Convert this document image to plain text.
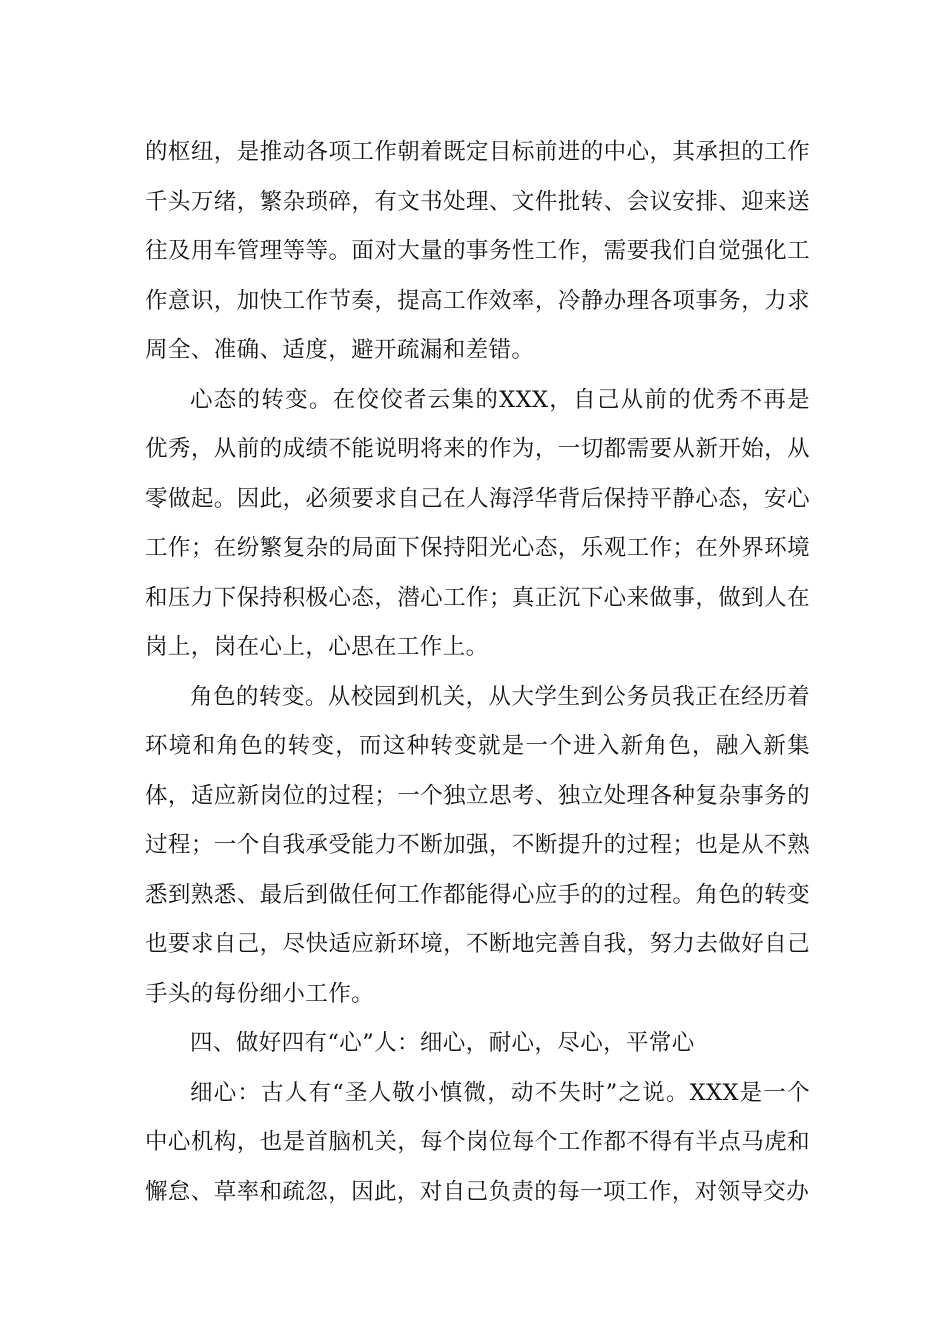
的枢纽，是推动各项工作朝着既定目标前进的中心，其承担的工作千头万绪，繁杂琐碎，有文书处理、文件批转、会议安排、迎来送往及用车管理等等。面对大量的事务性工作，需要我们自觉强化工作意识，加快工作节奏，提高工作效率，冷静办理各项事务，力求周全、准确、适度，避开疏漏和差错。

心态的转变。在佼佼者云集的XXX，自己从前的优秀不再是优秀，从前的成绩不能说明将来的作为，一切都需要从新开始，从零做起。因此，必须要求自己在人海浮华背后保持平静心态，安心工作；在纷繁复杂的局面下保持阳光心态，乐观工作；在外界环境和压力下保持积极心态，潜心工作；真正沉下心来做事，做到人在岗上，岗在心上，心思在工作上。

角色的转变。从校园到机关，从大学生到公务员我正在经历着环境和角色的转变，而这种转变就是一个进入新角色，融入新集体，适应新岗位的过程；一个独立思考、独立处理各种复杂事务的过程；一个自我承受能力不断加强，不断提升的过程；也是从不熟悉到熟悉、最后到做任何工作都能得心应手的的过程。角色的转变也要求自己，尽快适应新环境，不断地完善自我，努力去做好自己手头的每份细小工作。

四、做好四有“心”人：细心，耐心，尽心，平常心

细心：古人有“圣人敬小慎微，动不失时”之说。XXX是一个中心机构，也是首脑机关，每个岗位每个工作都不得有半点马虎和懈怠、草率和疏忽，因此，对自己负责的每一项工作，对领导交办
